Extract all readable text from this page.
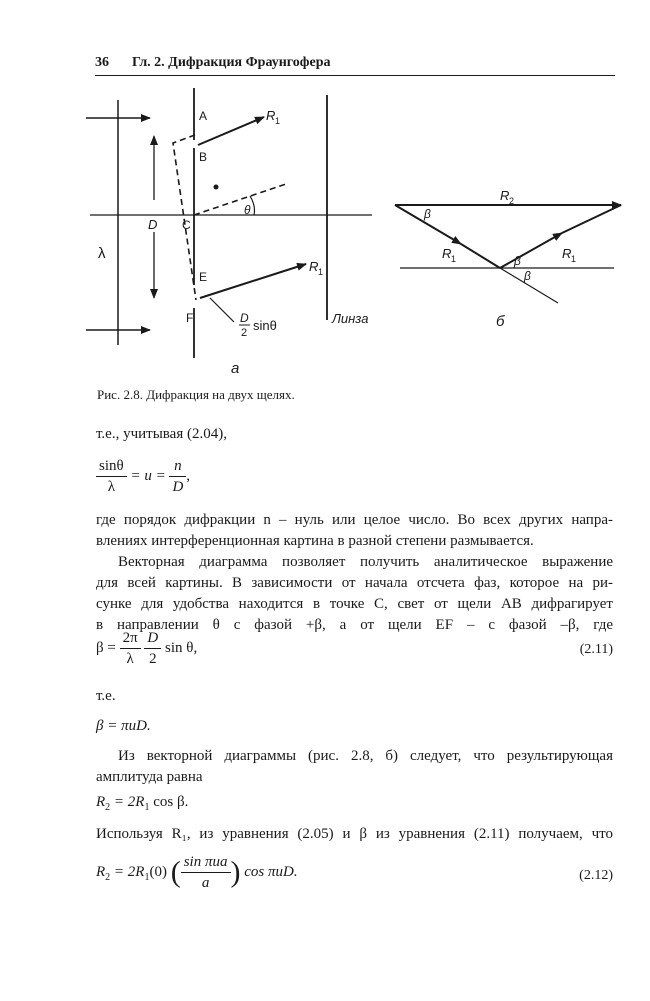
36 Гл. 2. Дифракция Фраунгофера
A
B
C
E
F
D
λ
R 1
R 1
θ
D
2 sinθ	Линза
а
R 2
β
R 1	R 1
β
β
б
Рис. 2.8. Дифракция на двух щелях.
т.е., учитывая (2.04),
$\frac{\sin\theta}{\lambda} = u = \frac{n}{D}$ ,
где порядок дифракции n – нуль или целое число. Во всех других напра-
влениях интерференционная картина в разной степени размывается.
Векторная диаграмма позволяет получить аналитическое выражение
для всей картины. В зависимости от начала отсчета фаз, которое на ри-
сунке для удобства находится в точке C, свет от щели AB дифрагирует
в направлении θ с фазой +β, а от щели EF – с фазой –β, где
$\beta = \frac{2\pi}{\lambda}$
$\frac{D}{2}$ sin θ,	(2.11)
т.е.
β = πuD.
Из векторной диаграммы (рис. 2.8, б) следует, что результирующая
амплитуда равна
$R_2 = 2R_1$ cos β.
Используя R₁, из уравнения (2.05) и β из уравнения (2.11) получаем, что
$R_2 = 2R_1(0)$ ( $\frac{\text{sin πua}}{a}$ ) cos πuD.	(2.12)
